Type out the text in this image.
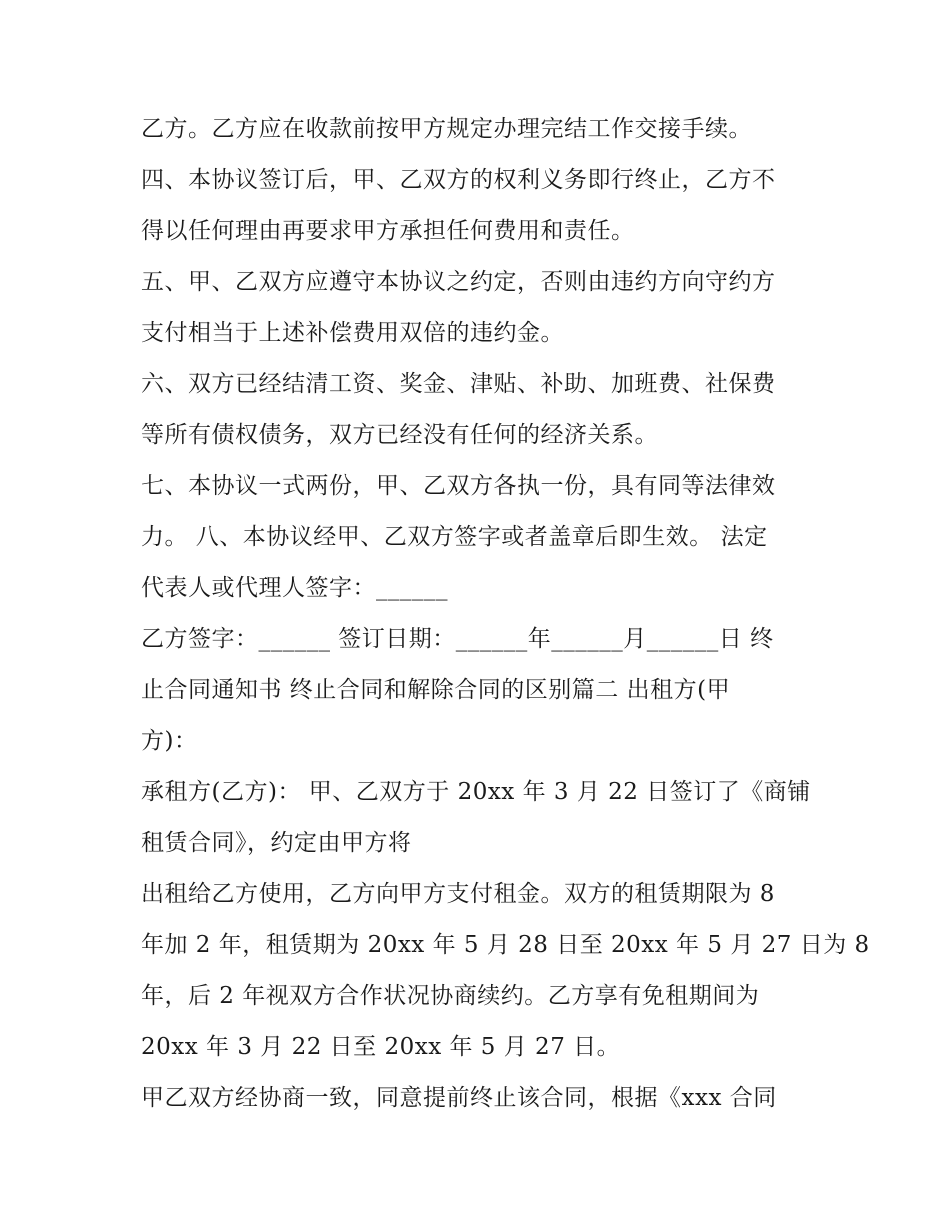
乙方。乙方应在收款前按甲方规定办理完结工作交接手续。
四、本协议签订后，甲、乙双方的权利义务即行终止，乙方不
得以任何理由再要求甲方承担任何费用和责任。
五、甲、乙双方应遵守本协议之约定，否则由违约方向守约方
支付相当于上述补偿费用双倍的违约金。
六、双方已经结清工资、奖金、津贴、补助、加班费、社保费
等所有债权债务，双方已经没有任何的经济关系。
七、本协议一式两份，甲、乙双方各执一份，具有同等法律效
力。 八、本协议经甲、乙双方签字或者盖章后即生效。 法定
代表人或代理人签字：______
乙方签字：______ 签订日期：______年______月______日 终
止合同通知书 终止合同和解除合同的区别篇二 出租方(甲
方)：
承租方(乙方)： 甲、乙双方于 20xx 年 3 月 22 日签订了《商铺
租赁合同》，约定由甲方将
出租给乙方使用，乙方向甲方支付租金。双方的租赁期限为 8
年加 2 年，租赁期为 20xx 年 5 月 28 日至 20xx 年 5 月 27 日为 8
年，后 2 年视双方合作状况协商续约。乙方享有免租期间为
20xx 年 3 月 22 日至 20xx 年 5 月 27 日。
甲乙双方经协商一致，同意提前终止该合同，根据《xxx 合同
